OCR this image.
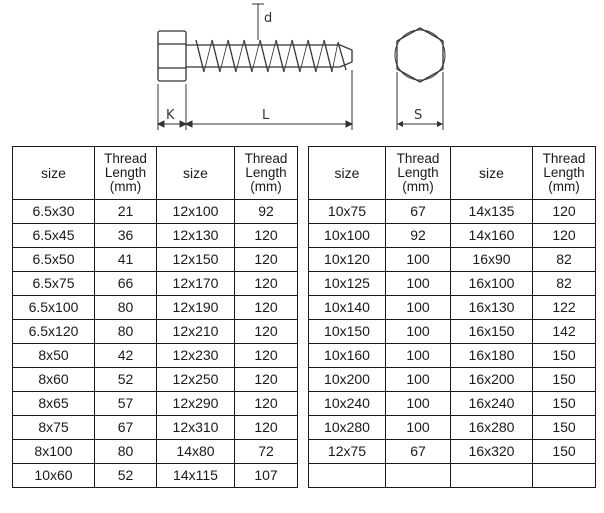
d
K	L	S
size	Thread
Length
(mm)	size	Thread
Length
(mm)
6.5x30	21	12x100	92
6.5x45	36	12x130	120
6.5x50	41	12x150	120
6.5x75	66	12x170	120
6.5x100	80	12x190	120
6.5x120	80	12x210	120
8x50	42	12x230	120
8x60	52	12x250	120
8x65	57	12x290	120
8x75	67	12x310	120
8x100	80	14x80	72
10x60	52	14x115	107
size	Thread
Length
(mm)	size	Thread
Length
(mm)
10x75	67	14x135	120
10x100	92	14x160	120
10x120	100	16x90	82
10x125	100	16x100	82
10x140	100	16x130	122
10x150	100	16x150	142
10x160	100	16x180	150
10x200	100	16x200	150
10x240	100	16x240	150
10x280	100	16x280	150
12x75	67	16x320	150
